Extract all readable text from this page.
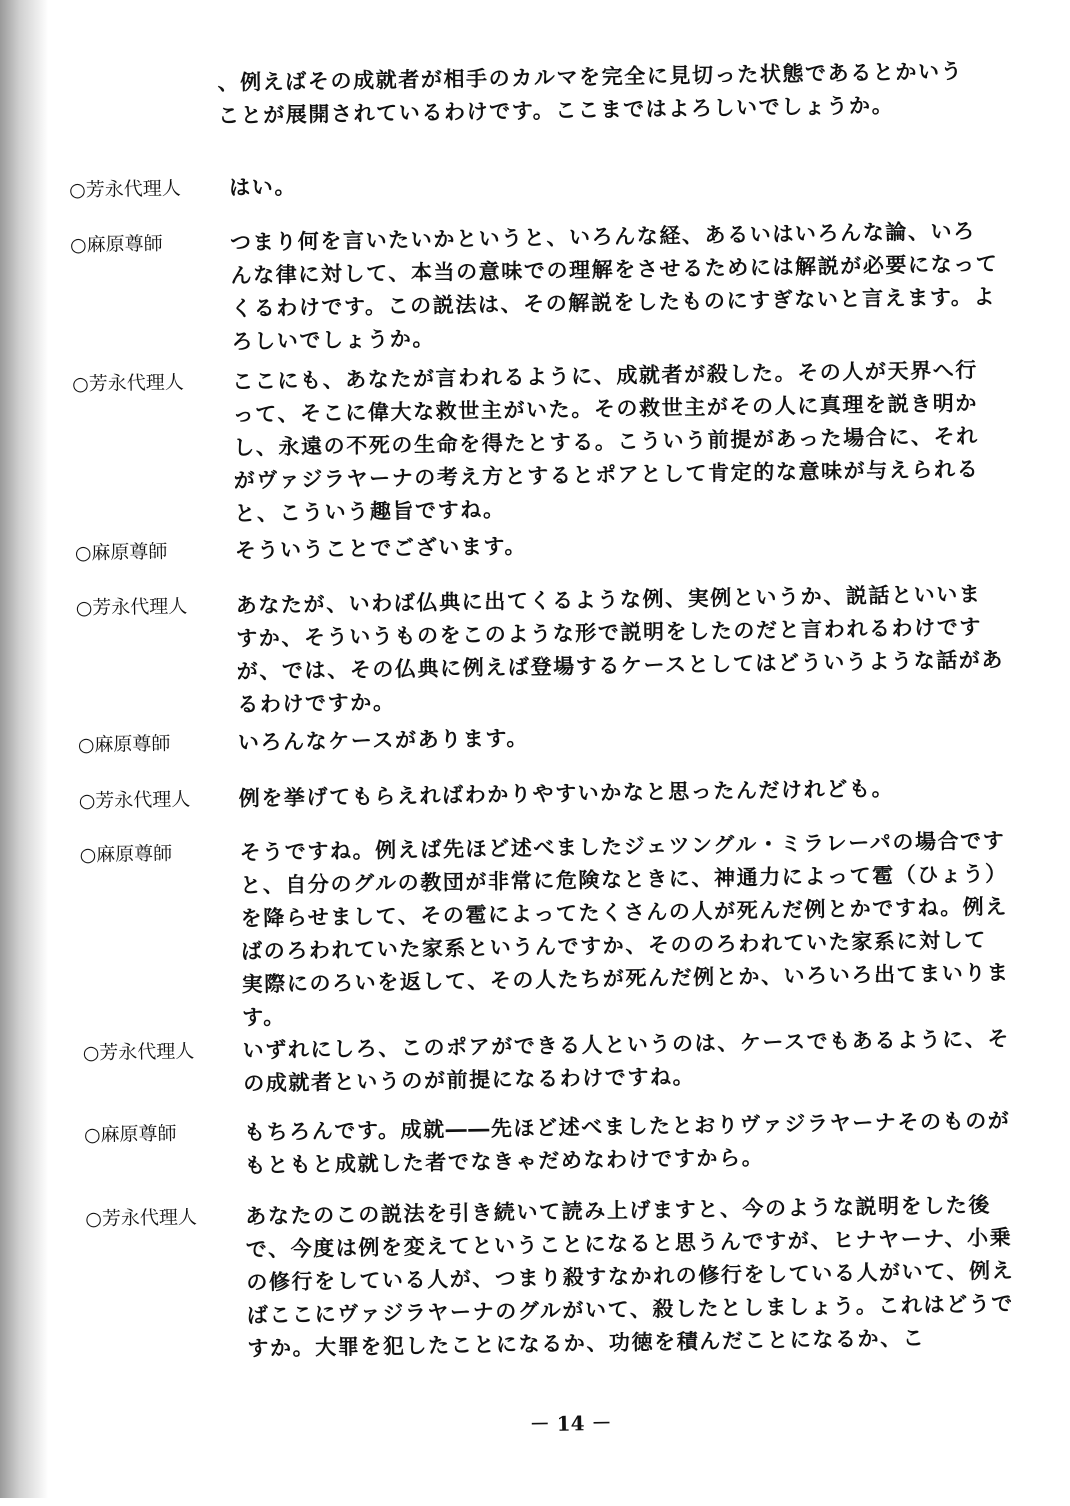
、例えばその成就者が相手のカルマを完全に見切った状態であるとかいうことが展開されているわけです。ここまではよろしいでしょうか。
○芳永代理人	はい。
○麻原尊師	つまり何を言いたいかというと、いろんな経、あるいはいろんな論、いろんな律に対して、本当の意味での理解をさせるためには解説が必要になってくるわけです。この説法は、その解説をしたものにすぎないと言えます。よろしいでしょうか。
○芳永代理人	ここにも、あなたが言われるように、成就者が殺した。その人が天界へ行って、そこに偉大な救世主がいた。その救世主がその人に真理を説き明かし、永遠の不死の生命を得たとする。こういう前提があった場合に、それがヴァジラヤーナの考え方とするとポアとして肯定的な意味が与えられると、こういう趣旨ですね。
○麻原尊師	そういうことでございます。
○芳永代理人	あなたが、いわば仏典に出てくるような例、実例というか、説話といいますか、そういうものをこのような形で説明をしたのだと言われるわけですが、では、その仏典に例えば登場するケースとしてはどういうような話があるわけですか。
○麻原尊師	いろんなケースがあります。
○芳永代理人	例を挙げてもらえればわかりやすいかなと思ったんだけれども。
○麻原尊師	そうですね。例えば先ほど述べましたジェツングル・ミラレーパの場合ですと、自分のグルの教団が非常に危険なときに、神通力によって雹（ひょう）を降らせまして、その雹によってたくさんの人が死んだ例とかですね。例えばのろわれていた家系というんですか、そののろわれていた家系に対して実際にのろいを返して、その人たちが死んだ例とか、いろいろ出てまいります。
○芳永代理人	いずれにしろ、このポアができる人というのは、ケースでもあるように、その成就者というのが前提になるわけですね。
○麻原尊師	もちろんです。成就――先ほど述べましたとおりヴァジラヤーナそのものがもともと成就した者でなきゃだめなわけですから。
○芳永代理人	あなたのこの説法を引き続いて読み上げますと、今のような説明をした後で、今度は例を変えてということになると思うんですが、ヒナヤーナ、小乗の修行をしている人が、つまり殺すなかれの修行をしている人がいて、例えばここにヴァジラヤーナのグルがいて、殺したとしましょう。これはどうですか。大罪を犯したことになるか、功徳を積んだことになるか、こ
－ 14 －
